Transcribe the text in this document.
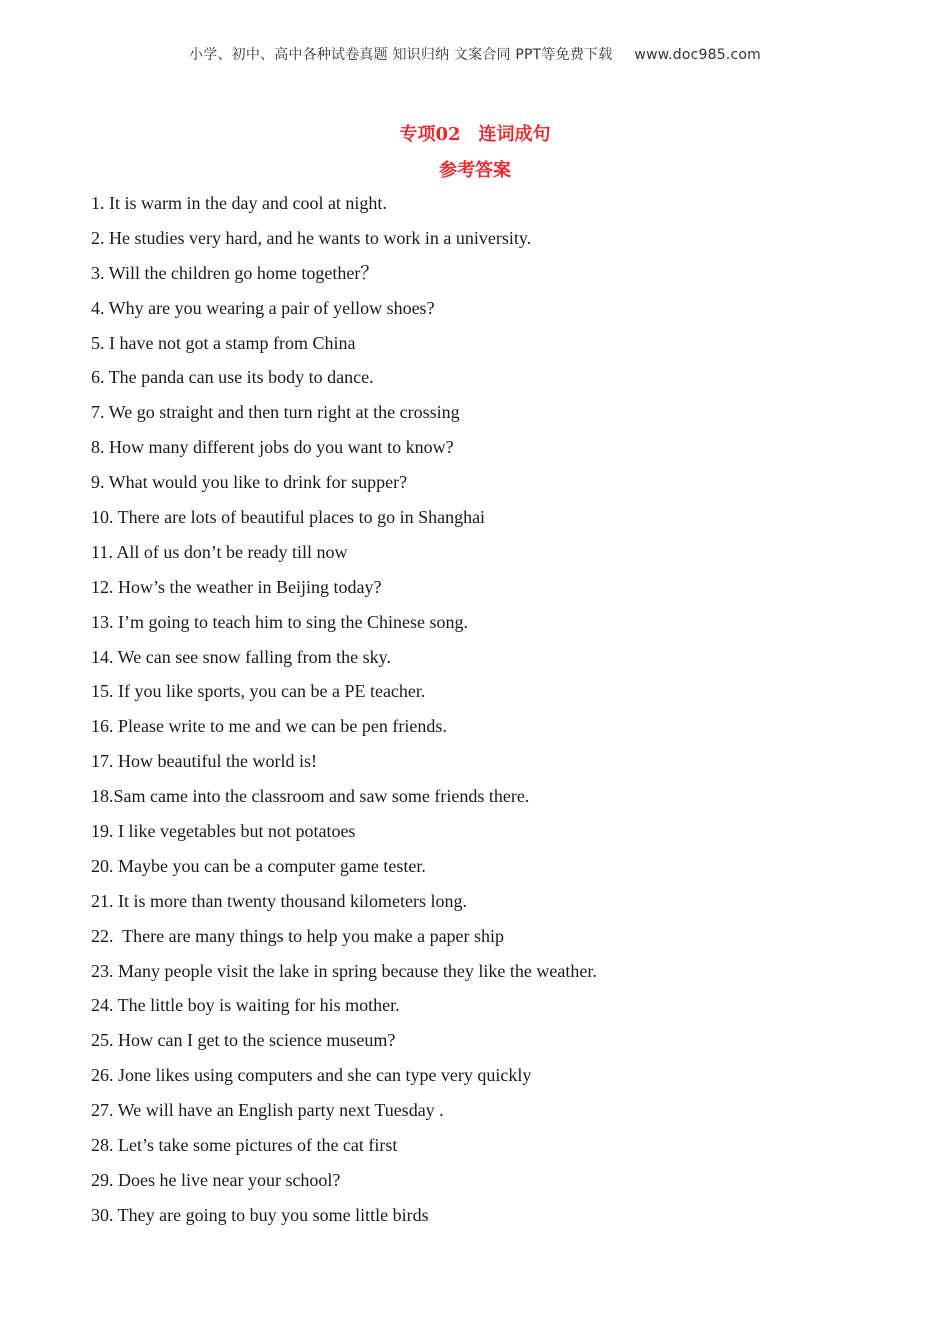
小学、初中、高中各种试卷真题 知识归纳 文案合同 PPT等免费下载 www.doc985.com
专项02 连词成句
参考答案
1. It is warm in the day and cool at night.
2. He studies very hard, and he wants to work in a university.
3. Will the children go home together？
4. Why are you wearing a pair of yellow shoes?
5. I have not got a stamp from China
6. The panda can use its body to dance.
7. We go straight and then turn right at the crossing
8. How many different jobs do you want to know?
9. What would you like to drink for supper?
10. There are lots of beautiful places to go in Shanghai
11. All of us don’t be ready till now
12. How’s the weather in Beijing today?
13. I’m going to teach him to sing the Chinese song.
14. We can see snow falling from the sky.
15. If you like sports, you can be a PE teacher.
16. Please write to me and we can be pen friends.
17. How beautiful the world is!
18.Sam came into the classroom and saw some friends there.
19. I like vegetables but not potatoes
20. Maybe you can be a computer game tester.
21. It is more than twenty thousand kilometers long.
22.  There are many things to help you make a paper ship
23. Many people visit the lake in spring because they like the weather.
24. The little boy is waiting for his mother.
25. How can I get to the science museum?
26. Jone likes using computers and she can type very quickly
27. We will have an English party next Tuesday .
28. Let’s take some pictures of the cat first
29. Does he live near your school?
30. They are going to buy you some little birds
